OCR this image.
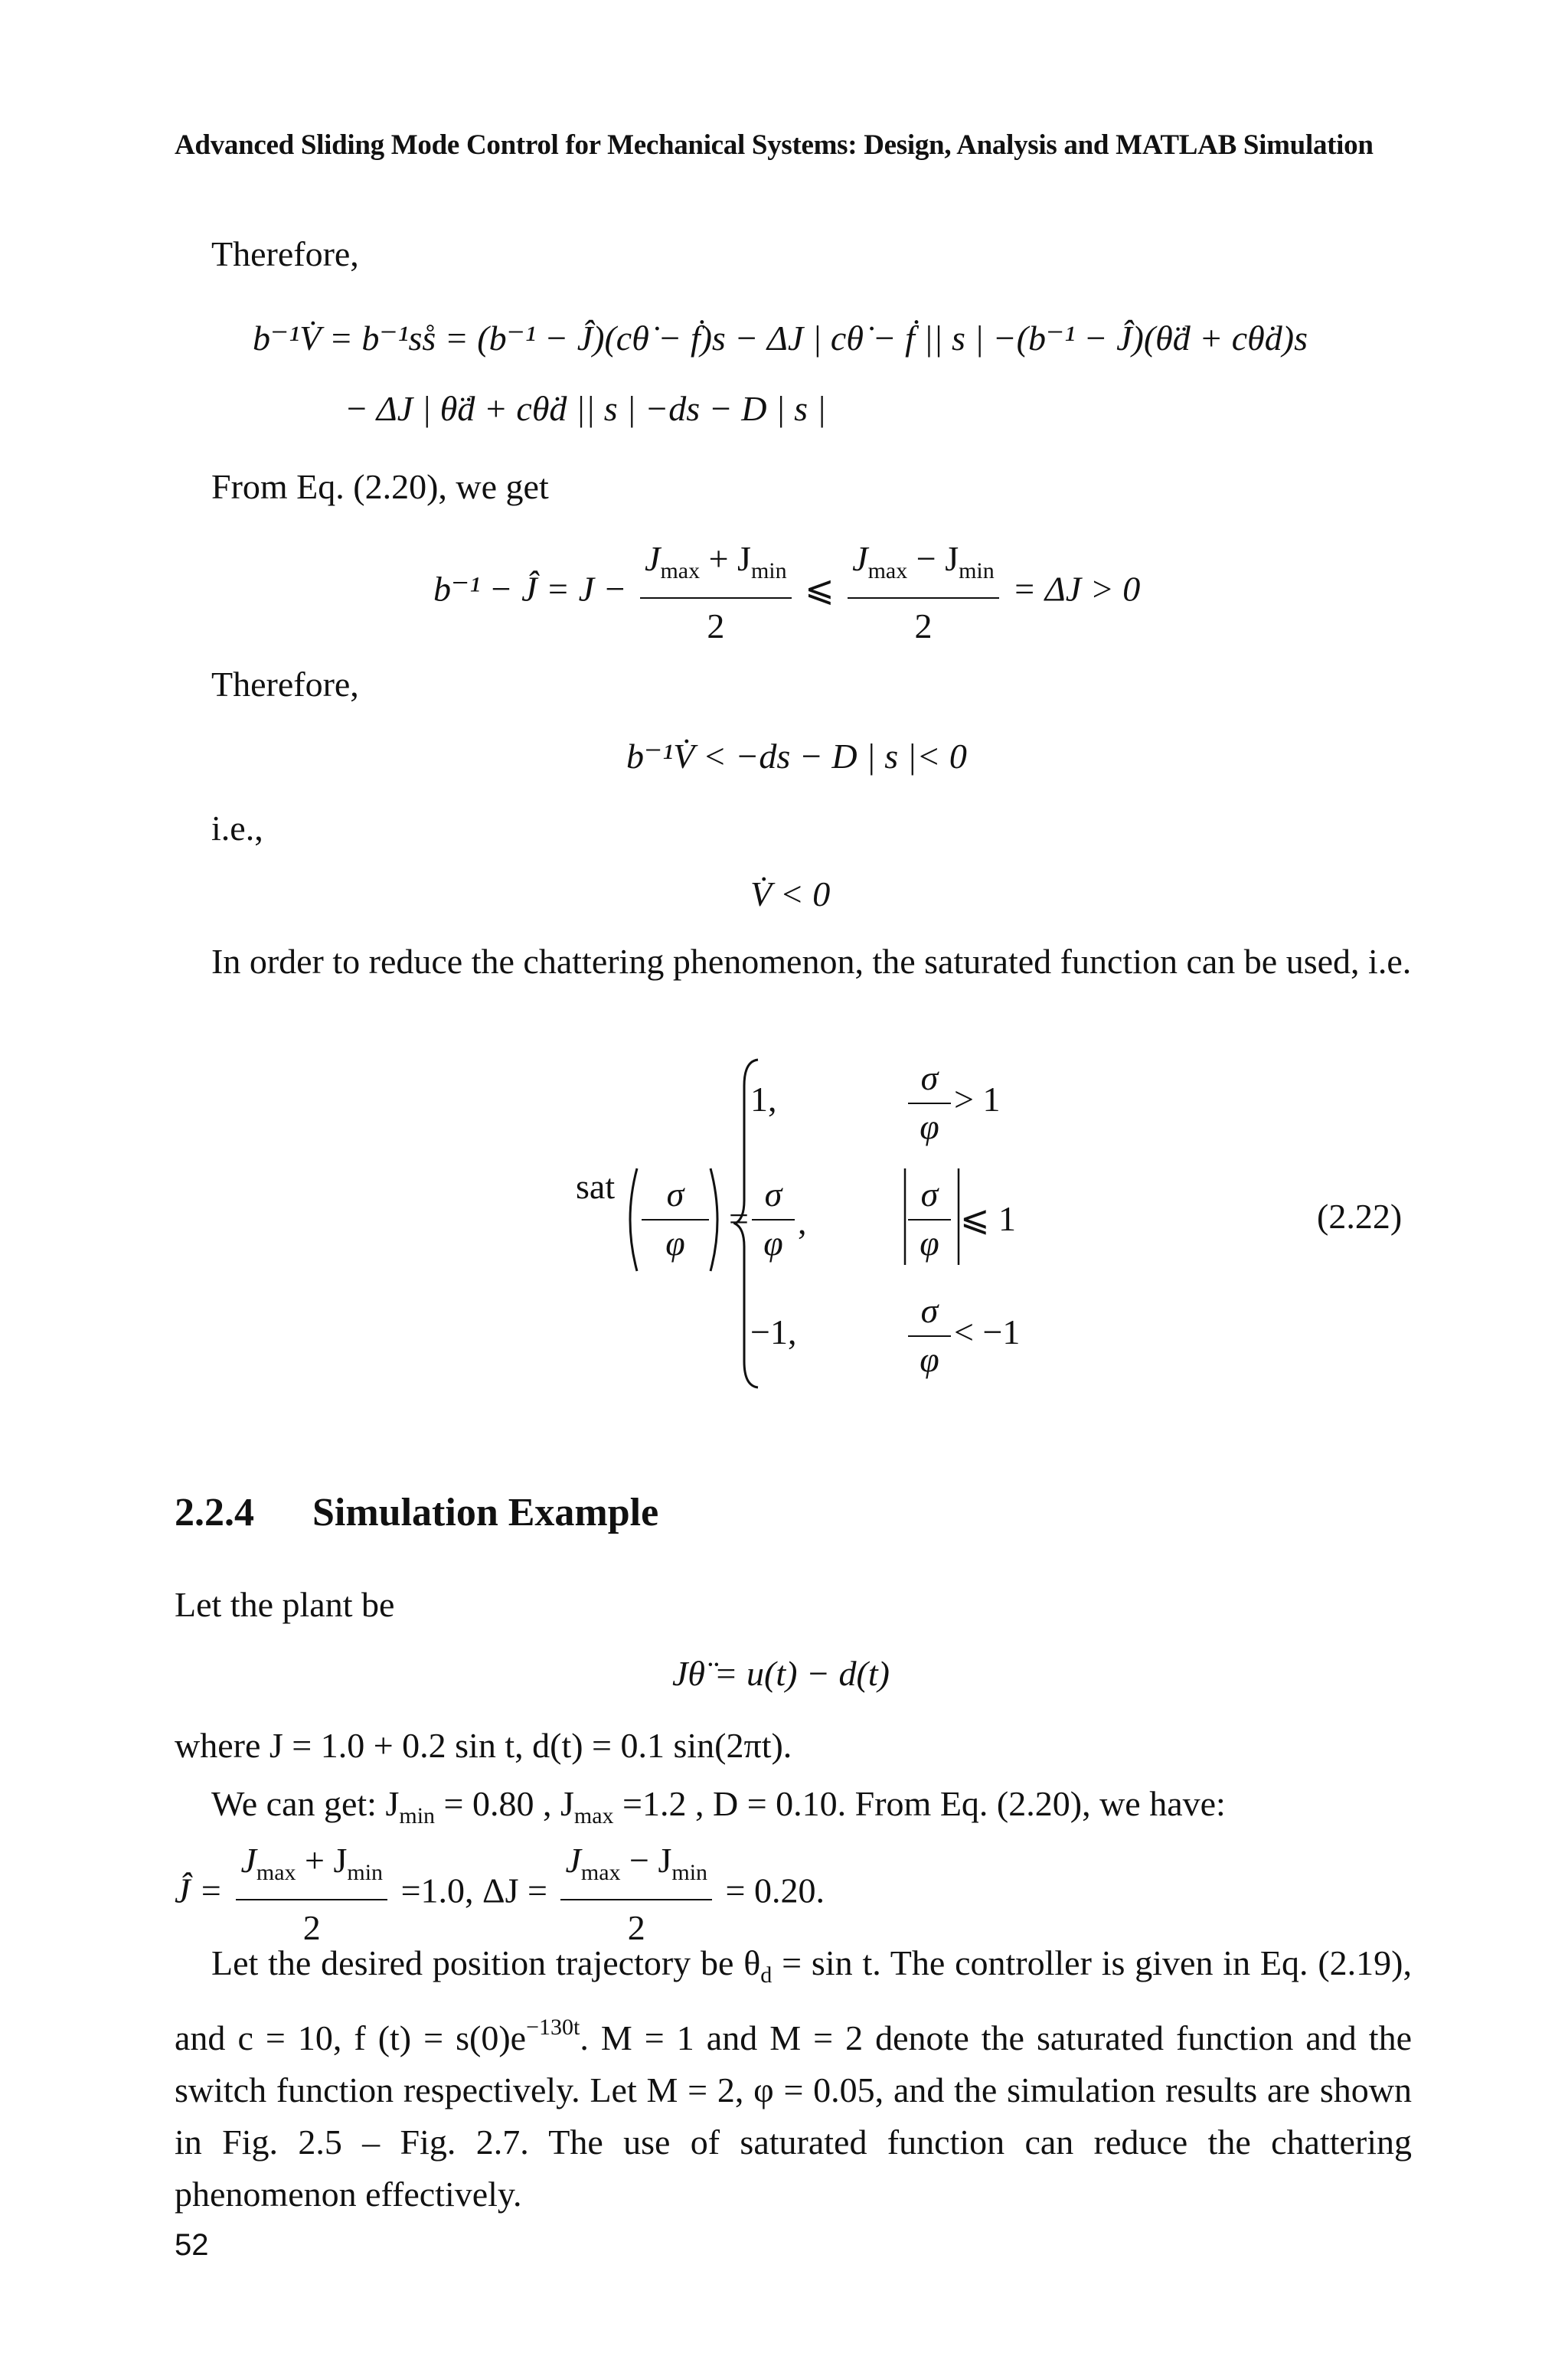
Advanced Sliding Mode Control for Mechanical Systems: Design, Analysis and MATLAB Simulation
Therefore,
b⁻¹V̇ = b⁻¹ss̊ = (b⁻¹ − Ĵ)(cθ̇ − ḟ)s − ΔJ | cθ̇ − ḟ || s | −(b⁻¹ − Ĵ)(θ̈d + cθ̇d)s
− ΔJ | θ̈d + cθ̇d || s | −ds − D | s |
From Eq. (2.20), we get
b⁻¹ − Ĵ = $J - \frac{J_{max} + J_{min}}{2}$ ⩽ $\frac{J_{max} - J_{min}}{2} = \Delta J > 0$
Therefore,
b⁻¹V̇ < −ds − D | s |< 0
i.e.,
V̇ < 0
In order to reduce the chattering phenomenon, the saturated function can be used, i.e.
sat	σ
φ
=
1,
σ
φ
> 1
σ
φ
,
σ
φ
⩽ 1
−1,
σ
φ
< −1
(2.22)
2.2.4 Simulation Example
Let the plant be
Jθ̈ = u(t) − d(t)
where J = 1.0 + 0.2 sin t, d(t) = 0.1 sin(2πt).
We can get: $J_{min} = 0.80$ , $J_{max} =1.2$ , D = 0.10. From Eq. (2.20), we have:
Ĵ = $\frac{J_{max} + J_{min}}{2} =1.0$, $\Delta J = \frac{J_{max} - J_{min}}{2} = 0.20$.
Let the desired position trajectory be $\theta_d = \sin t$. The controller is given in Eq. (2.19), and c = 10, f $(t) = s(0)e^{-130t}$. M = 1 and M = 2 denote the saturated function and the switch function respectively. Let M = 2, φ = 0.05, and the simulation results are shown in Fig. 2.5 – Fig. 2.7. The use of saturated function can reduce the chattering phenomenon effectively.
52
